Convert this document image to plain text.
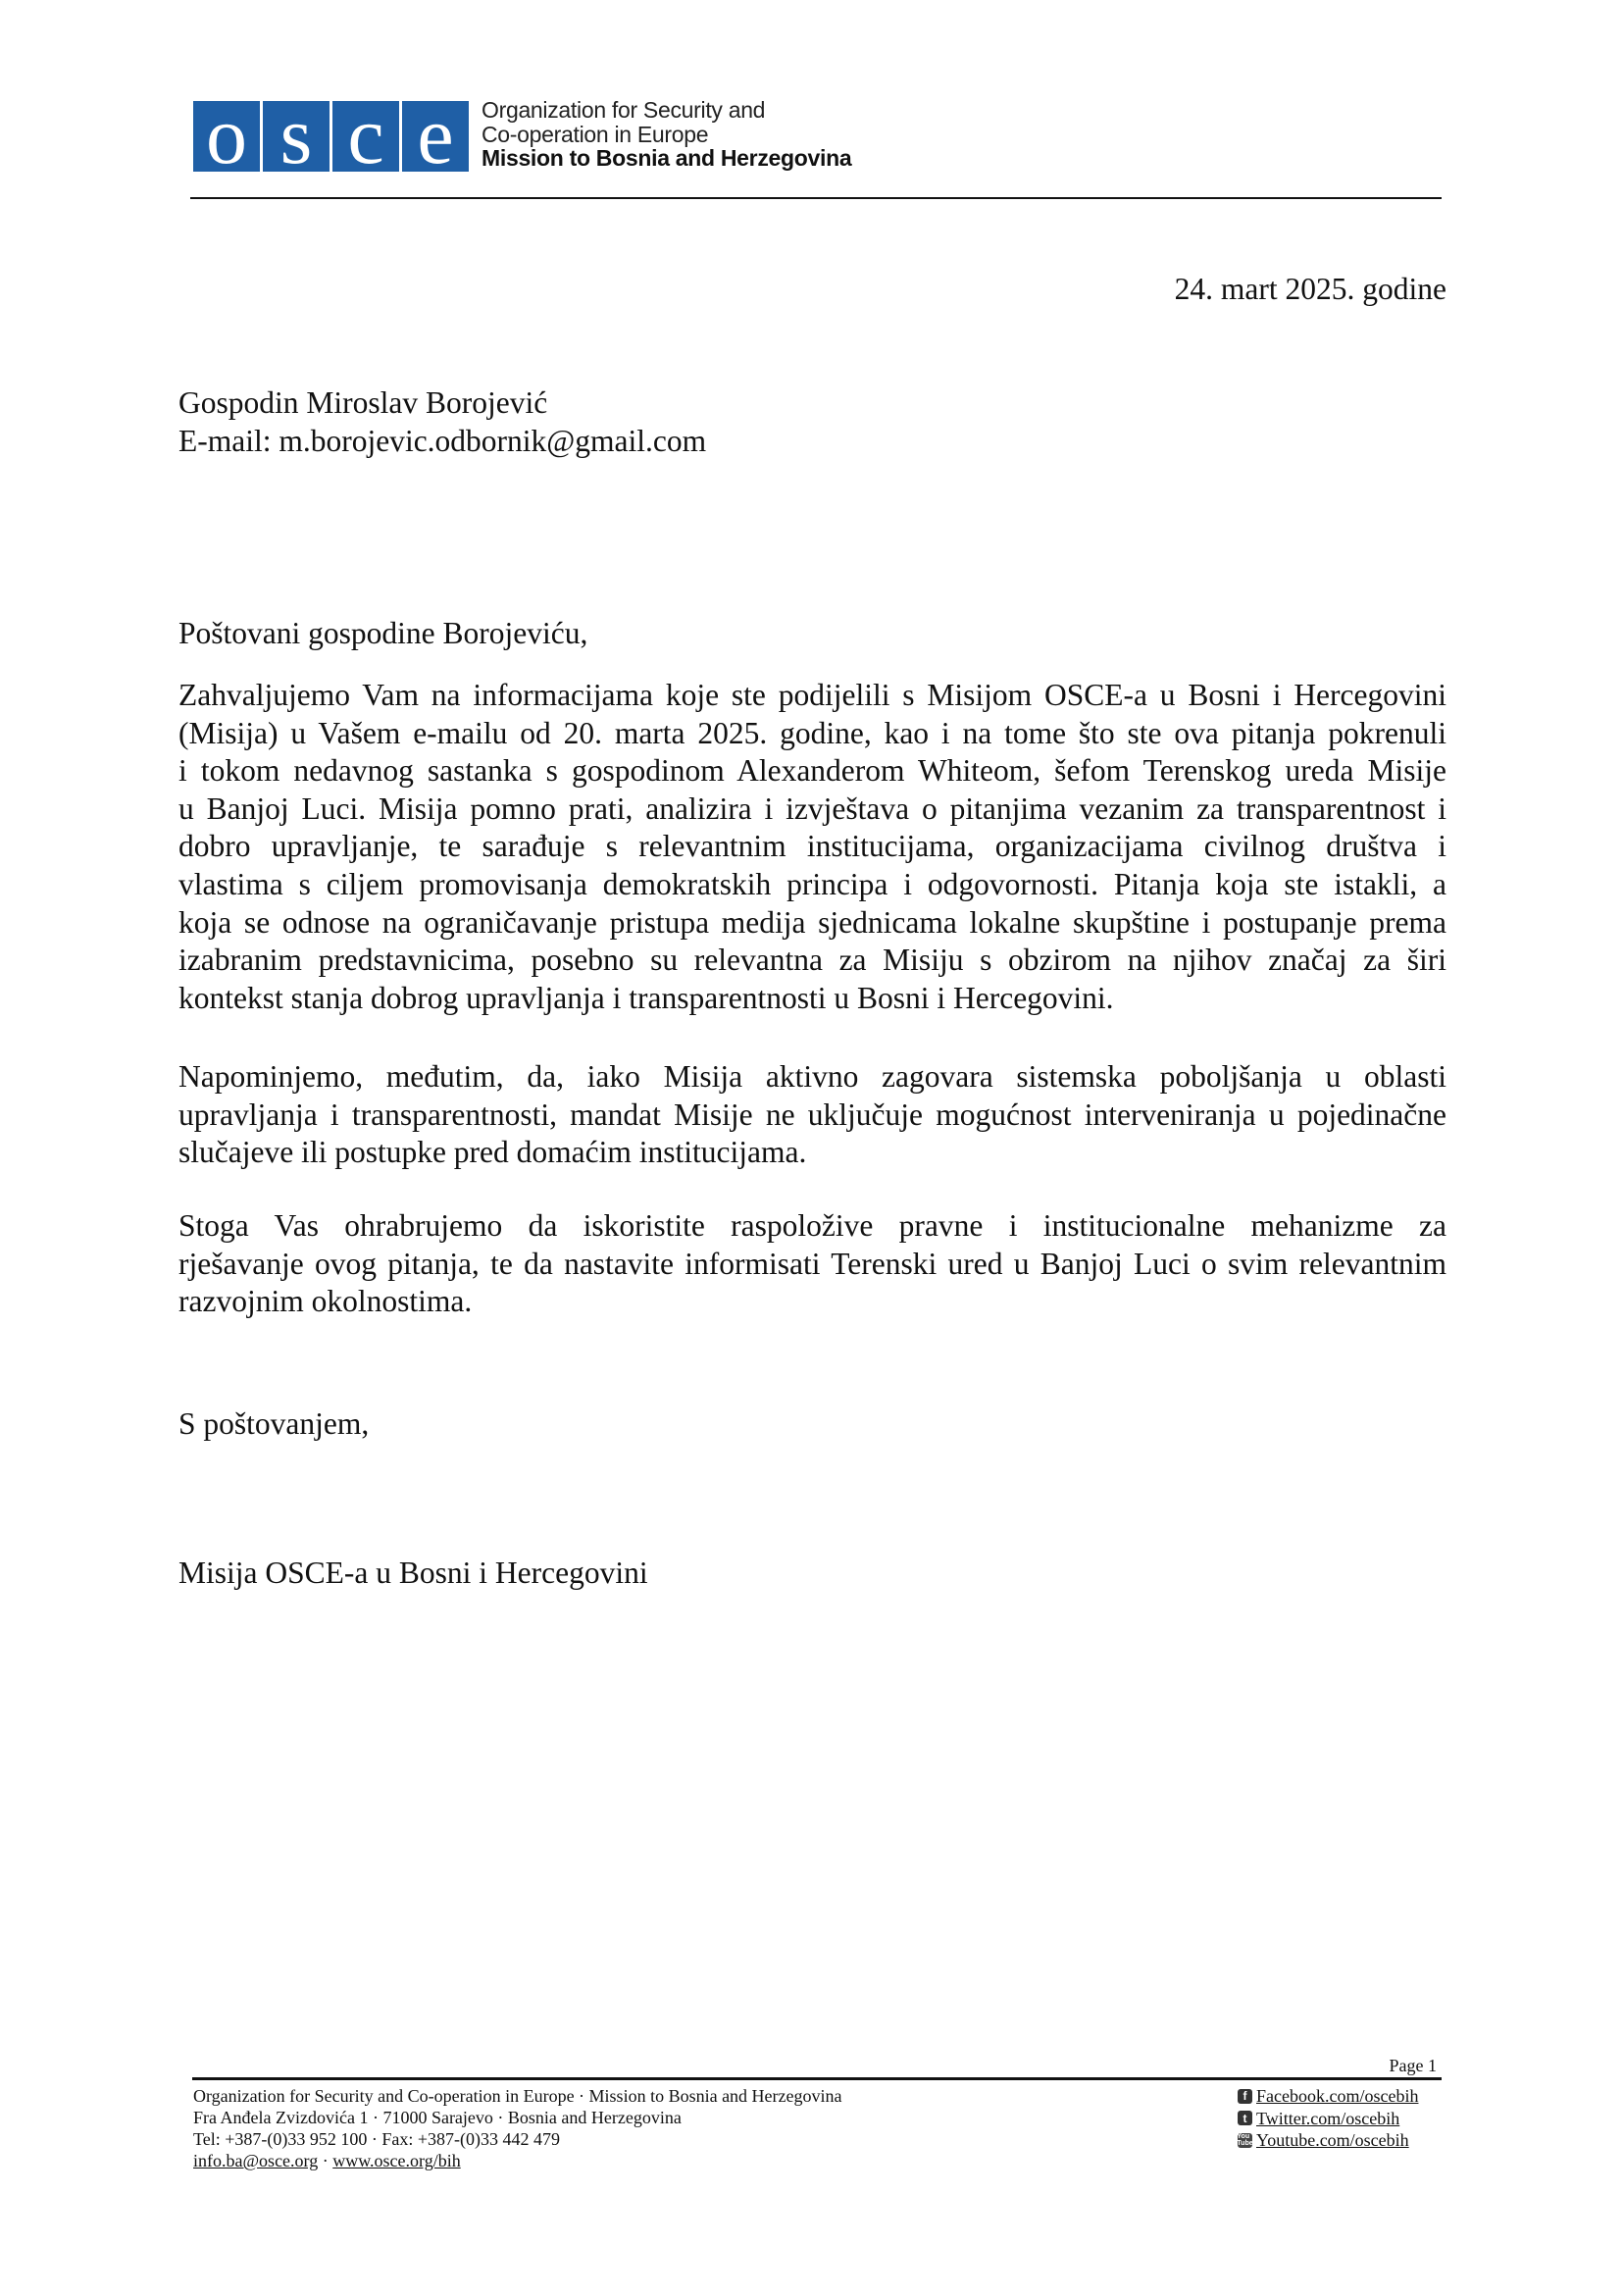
o s c e	Organization for Security and
Co-operation in Europe
Mission to Bosnia and Herzegovina
24. mart 2025. godine
Gospodin Miroslav Borojević
E-mail: m.borojevic.odbornik@gmail.com
Poštovani gospodine Borojeviću,
Zahvaljujemo Vam na informacijama koje ste podijelili s Misijom OSCE-a u Bosni i Hercegovini
(Misija) u Vašem e-mailu od 20. marta 2025. godine, kao i na tome što ste ova pitanja pokrenuli
i tokom nedavnog sastanka s gospodinom Alexanderom Whiteom, šefom Terenskog ureda Misije
u Banjoj Luci. Misija pomno prati, analizira i izvještava o pitanjima vezanim za transparentnost i
dobro upravljanje, te sarađuje s relevantnim institucijama, organizacijama civilnog društva i
vlastima s ciljem promovisanja demokratskih principa i odgovornosti. Pitanja koja ste istakli, a
koja se odnose na ograničavanje pristupa medija sjednicama lokalne skupštine i postupanje prema
izabranim predstavnicima, posebno su relevantna za Misiju s obzirom na njihov značaj za širi
kontekst stanja dobrog upravljanja i transparentnosti u Bosni i Hercegovini.
Napominjemo, međutim, da, iako Misija aktivno zagovara sistemska poboljšanja u oblasti
upravljanja i transparentnosti, mandat Misije ne uključuje mogućnost interveniranja u pojedinačne
slučajeve ili postupke pred domaćim institucijama.
Stoga Vas ohrabrujemo da iskoristite raspoložive pravne i institucionalne mehanizme za
rješavanje ovog pitanja, te da nastavite informisati Terenski ured u Banjoj Luci o svim relevantnim
razvojnim okolnostima.
S poštovanjem,
Misija OSCE-a u Bosni i Hercegovini
Page 1
Organization for Security and Co-operation in Europe · Mission to Bosnia and Herzegovina
Fra Anđela Zvizdovića 1 · 71000 Sarajevo · Bosnia and Herzegovina
Tel: +387-(0)33 952 100 · Fax: +387-(0)33 442 479
info.ba@osce.org · www.osce.org/bih
f Facebook.com/oscebih
t Twitter.com/oscebih
You Tube Youtube.com/oscebih
